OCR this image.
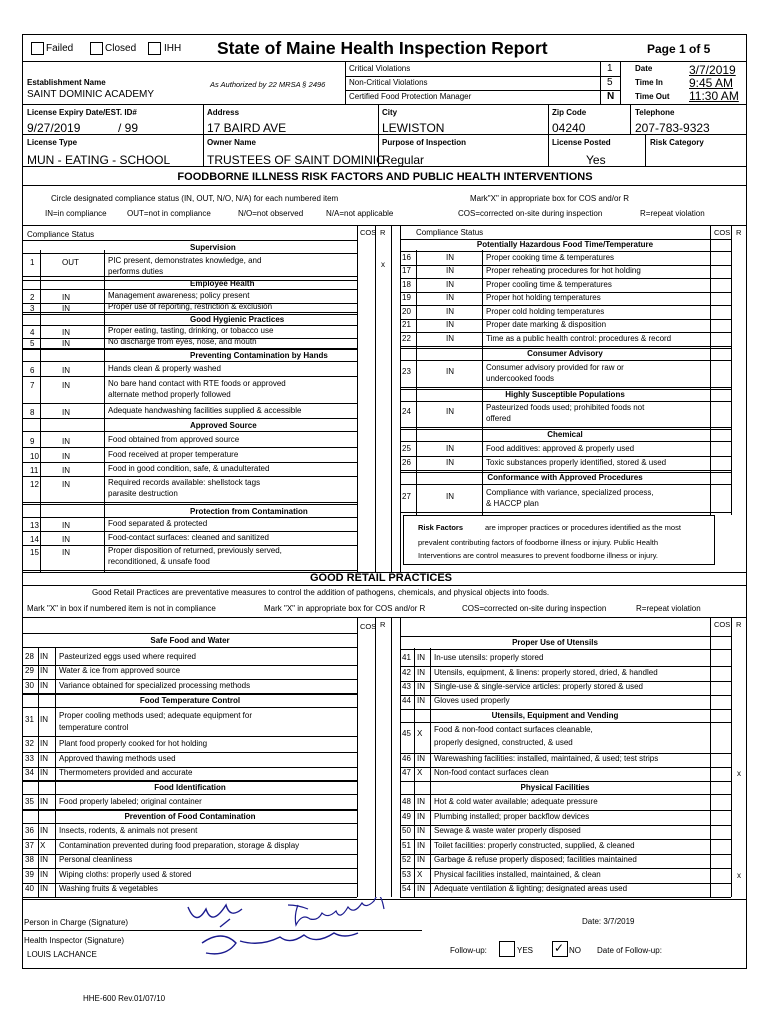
Failed	Closed	IHH State of Maine Health Inspection Report	Page 1 of 5
Critical Violations	1
Non-Critical Violations	5
Certified Food Protection Manager	N
Date	3/7/2019
Time In 9:45 AM
Time Out 11:30 AM
Establishment Name
SAINT DOMINIC ACADEMY
As Authorized by 22 MRSA § 2496
License Expiry Date/EST. ID#
9/27/2019	/ 99
Address
17 BAIRD AVE
City
LEWISTON
Zip Code
04240
Telephone
207-783-9323
License Type
MUN - EATING - SCHOOL
Owner Name
TRUSTEES OF SAINT DOMINIC
Purpose of Inspection
Regular
License Posted
Yes
Risk Category
FOODBORNE ILLNESS RISK FACTORS AND PUBLIC HEALTH INTERVENTIONS
Circle designated compliance status (IN, OUT, N/O, N/A) for each numbered item	Mark"X" in appropriate box for COS and/or R
IN=in compliance	OUT=not in compliance	N/O=not observed	N/A=not applicable	COS=corrected on-site during inspection	R=repeat violation
Compliance Status	COS R	Compliance Status	COS R
Supervision
Employee Health
Good Hygienic Practices
Preventing Contamination by Hands
Approved Source
Protection from Contamination
1	OUT	PIC present, demonstrates knowledge, and
performs duties
x
2	IN	Management awareness; policy present
3	IN	Proper use of reporting, restriction & exclusion
4	IN	Proper eating, tasting, drinking, or tobacco use
5	IN	No discharge from eyes, nose, and mouth
6	IN	Hands clean & properly washed
7	IN	No bare hand contact with RTE foods or approved
alternate method properly followed
8	IN	Adequate handwashing facilities supplied & accessible
9	IN	Food obtained from approved source
10	IN	Food received at proper temperature
11	IN	Food in good condition, safe, & unadulterated
12	IN	Required records available: shellstock tags
parasite destruction
13	IN	Food separated & protected
14	IN	Food-contact surfaces: cleaned and sanitized
15	IN	Proper disposition of returned, previously served,
reconditioned, & unsafe food
Potentially Hazardous Food Time/Temperature
Consumer Advisory
Highly Susceptible Populations
Chemical
Conformance with Approved Procedures
16	IN	Proper cooking time & temperatures
17	IN	Proper reheating procedures for hot holding
18	IN	Proper cooling time & temperatures
19	IN	Proper hot holding temperatures
20	IN	Proper cold holding temperatures
21	IN	Proper date marking & disposition
22	IN	Time as a public health control: procedures & record
23	IN	Consumer advisory provided for raw or
undercooked foods
24	IN	Pasteurized foods used; prohibited foods not
offered
25	IN	Food additives: approved & properly used
26	IN	Toxic substances properly identified, stored & used
27	IN	Compliance with variance, specialized process,
& HACCP plan
Risk Factors	are improper practices or procedures identified as the most
prevalent contributing factors of foodborne illness or injury. Public Health
Interventions are control measures to prevent foodborne illness or injury.
GOOD RETAIL PRACTICES
Good Retail Practices are preventative measures to control the addition of pathogens, chemicals, and physical objects into foods.
Mark "X" in box if numbered item is not in compliance	Mark "X" in appropriate box for COS and/or R	COS=corrected on-site during inspection	R=repeat violation
COS R	COS R
Safe Food and Water
Food Temperature Control
Food Identification
Prevention of Food Contamination
28 IN Pasteurized eggs used where required
29 IN Water & ice from approved source
30 IN Variance obtained for specialized processing methods
31 IN Proper cooling methods used; adequate equipment for
temperature control
32 IN Plant food properly cooked for hot holding
33 IN Approved thawing methods used
34 IN Thermometers provided and accurate
35 IN Food properly labeled; original container
36 IN Insects, rodents, & animals not present
37 X Contamination prevented during food preparation, storage & display
38 IN Personal cleanliness
39 IN Wiping cloths: properly used & stored
40 IN Washing fruits & vegetables
Proper Use of Utensils
Utensils, Equipment and Vending
Physical Facilities
41 IN In-use utensils: properly stored
42 IN Utensils, equipment, & linens: properly stored, dried, & handled
43 IN Single-use & single-service articles: properly stored & used
44 IN Gloves used properly
45 X Food & non-food contact surfaces cleanable,
properly designed, constructed, & used
46 IN Warewashing facilities: installed, maintained, & used; test strips
47 X Non-food contact surfaces clean	x
48 IN Hot & cold water available; adequate pressure
49 IN Plumbing installed; proper backflow devices
50 IN Sewage & waste water properly disposed
51 IN Toilet facilities: properly constructed, supplied, & cleaned
52 IN Garbage & refuse properly disposed; facilities maintained
53 X Physical facilities installed, maintained, & clean	x
54 IN Adequate ventilation & lighting; designated areas used
Person in Charge (Signature)	Date: 3/7/2019
Health Inspector (Signature)
LOUIS LACHANCE	Follow-up:	YES ✓ NO Date of Follow-up:
HHE-600 Rev.01/07/10
